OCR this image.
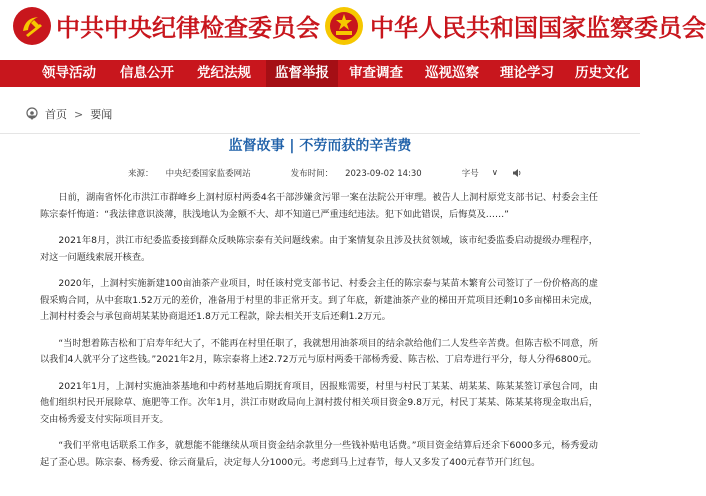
中共中央纪律检查委员会 中华人民共和国国家监察委员会
领导活动 信息公开 党纪法规	监督举报	审查调查 巡视巡察 理论学习 历史文化
首页 > 要闻
监督故事 | 不劳而获的辛苦费
来源： 中央纪委国家监委网站	发布时间： 2023-09-02 14:30	字号 ∨

日前，湖南省怀化市洪江市群峰乡上洞村原村两委4名干部涉嫌贪污罪一案在法院公开审理。被告人上洞村原党支部书记、村委会主任陈宗泰忏悔道：“我法律意识淡薄，肤浅地认为金额不大、却不知道已严重违纪违法。犯下如此错误，后悔莫及……”

2021年8月，洪江市纪委监委接到群众反映陈宗泰有关问题线索。由于案情复杂且涉及扶贫领域，该市纪委监委启动提级办理程序，对这一问题线索展开核查。

2020年，上洞村实施新建100亩油茶产业项目，时任该村党支部书记、村委会主任的陈宗泰与某苗木繁育公司签订了一份价格高的虚假采购合同，从中套取1.52万元的差价，准备用于村里的非正常开支。到了年底，新建油茶产业的梯田开荒项目还剩10多亩梯田未完成，上洞村村委会与承包商胡某某协商退还1.8万元工程款，除去相关开支后还剩1.2万元。

“当时想着陈吉松和丁启寿年纪大了，不能再在村里任职了，我就想用油茶项目的结余款给他们二人发些辛苦费。但陈吉松不同意，所以我们4人就平分了这些钱。”2021年2月，陈宗泰将上述2.72万元与原村两委干部杨秀爱、陈吉松、丁启寿进行平分，每人分得6800元。

2021年1月，上洞村实施油茶基地和中药材基地后期抚育项目，因报账需要，村里与村民丁某某、胡某某、陈某某签订承包合同，由他们组织村民开展除草、施肥等工作。次年1月，洪江市财政局向上洞村拨付相关项目资金9.8万元，村民丁某某、陈某某将现金取出后，交由杨秀爱支付实际项目开支。

“我们平常电话联系工作多，就想能不能继续从项目资金结余款里分一些钱补贴电话费。”项目资金结算后还余下6000多元，杨秀爱动起了歪心思。陈宗泰、杨秀爱、徐云商量后，决定每人分1000元。考虑到马上过春节，每人又多发了400元春节开门红包。
